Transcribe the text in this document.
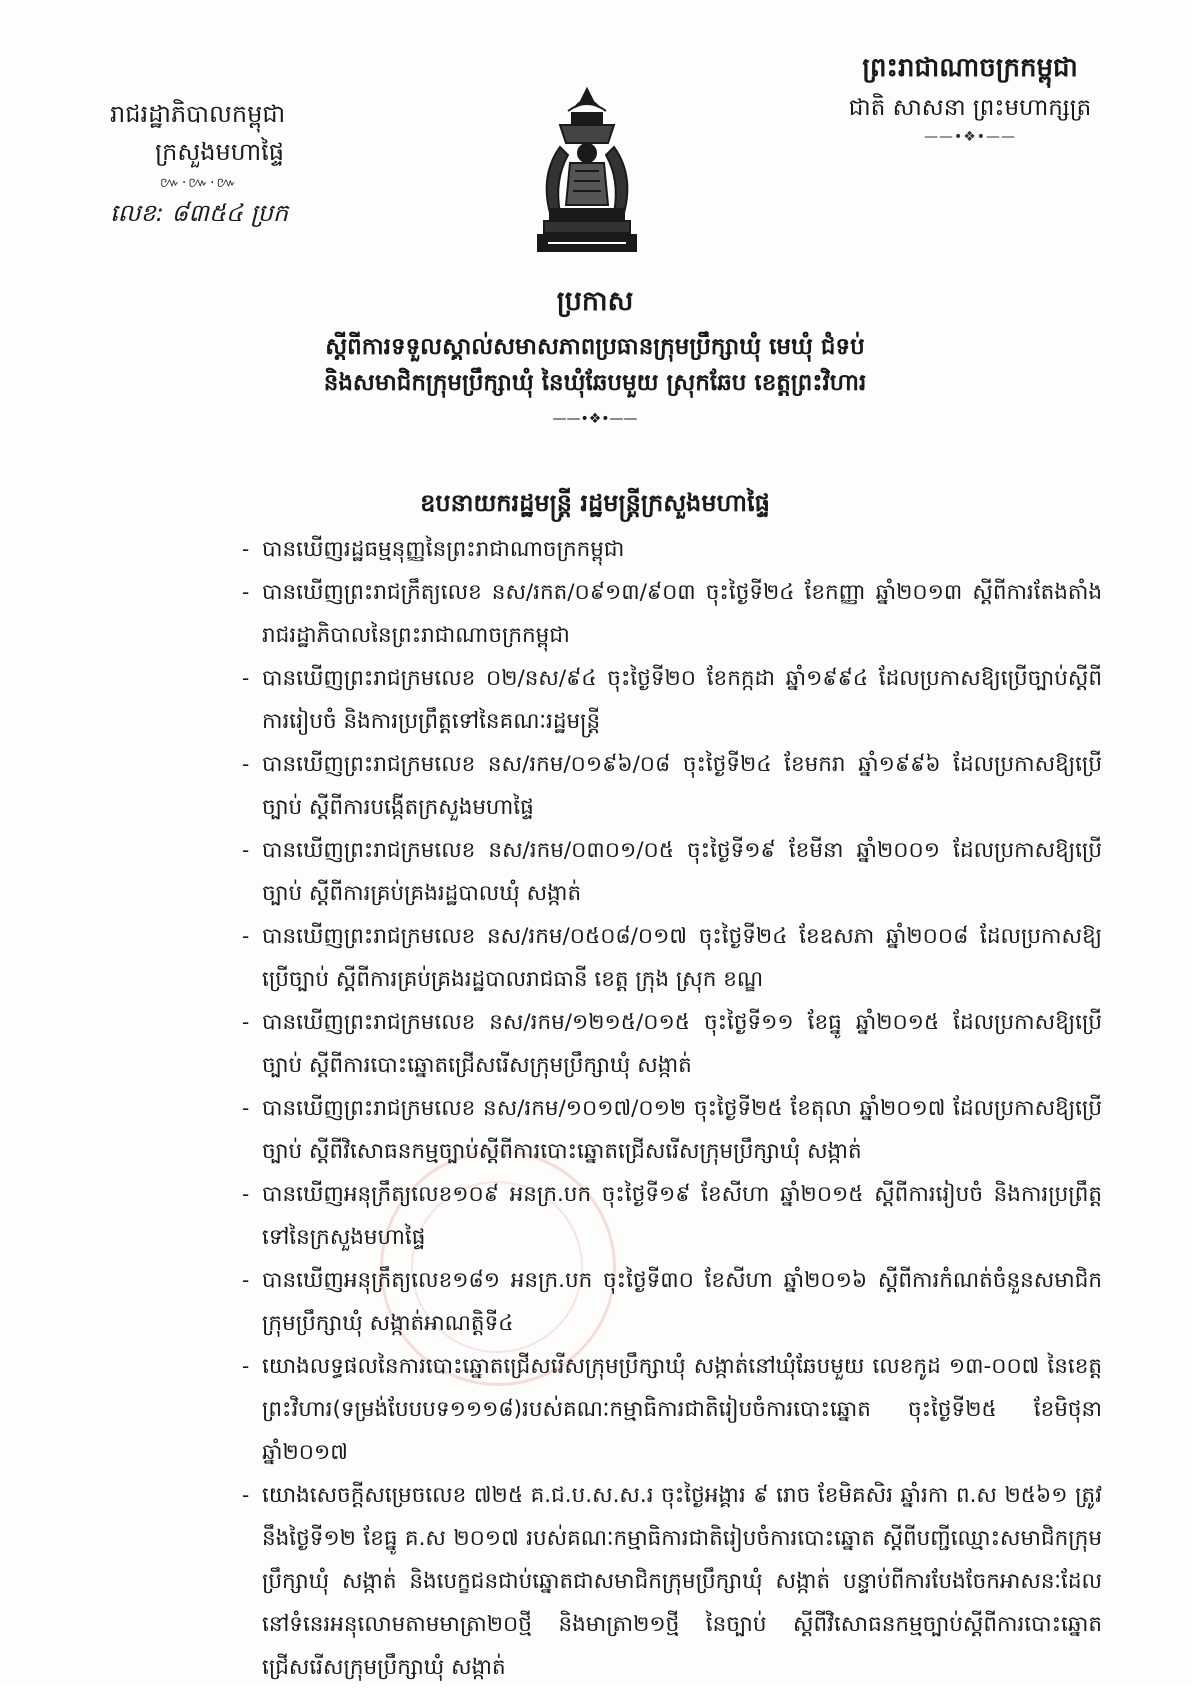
រាជរដ្ឋាភិបាលកម្ពុជា
ក្រសួងមហាផ្ទៃ
៚·៚·៚
លេខ: ៨៣៥៤ ប្រក
ព្រះរាជាណាចក្រកម្ពុជា
ជាតិ សាសនា ព្រះមហាក្សត្រ
——•❖•——
ប្រកាស
ស្តីពីការទទួលស្គាល់សមាសភាពប្រធានក្រុមប្រឹក្សាឃុំ មេឃុំ ជំទប់
និងសមាជិកក្រុមប្រឹក្សាឃុំ នៃឃុំឆែបមួយ ស្រុកឆែប ខេត្តព្រះវិហារ
——•❖•——
ឧបនាយករដ្ឋមន្ត្រី រដ្ឋមន្ត្រីក្រសួងមហាផ្ទៃ
- បានឃើញរដ្ឋធម្មនុញ្ញនៃព្រះរាជាណាចក្រកម្ពុជា
- បានឃើញព្រះរាជក្រឹត្យលេខ នស/រកត/០៩១៣/៩០៣ ចុះថ្ងៃទី២៤ ខែកញ្ញា ឆ្នាំ២០១៣ ស្តីពីការតែងតាំងរាជរដ្ឋាភិបាលនៃព្រះរាជាណាចក្រកម្ពុជា
- បានឃើញព្រះរាជក្រមលេខ ០២/នស/៩៤ ចុះថ្ងៃទី២០ ខែកក្កដា ឆ្នាំ១៩៩៤ ដែលប្រកាសឱ្យប្រើច្បាប់ស្តីពីការរៀបចំ និងការប្រព្រឹត្តទៅនៃគណៈរដ្ឋមន្ត្រី
- បានឃើញព្រះរាជក្រមលេខ នស/រកម/០១៩៦/០៨ ចុះថ្ងៃទី២៤ ខែមករា ឆ្នាំ១៩៩៦ ដែលប្រកាសឱ្យប្រើច្បាប់ ស្តីពីការបង្កើតក្រសួងមហាផ្ទៃ
- បានឃើញព្រះរាជក្រមលេខ នស/រកម/០៣០១/០៥ ចុះថ្ងៃទី១៩ ខែមីនា ឆ្នាំ២០០១ ដែលប្រកាសឱ្យប្រើច្បាប់ ស្តីពីការគ្រប់គ្រងរដ្ឋបាលឃុំ សង្កាត់
- បានឃើញព្រះរាជក្រមលេខ នស/រកម/០៥០៨/០១៧ ចុះថ្ងៃទី២៤ ខែឧសភា ឆ្នាំ២០០៨ ដែលប្រកាសឱ្យប្រើច្បាប់ ស្តីពីការគ្រប់គ្រងរដ្ឋបាលរាជធានី ខេត្ត ក្រុង ស្រុក ខណ្ឌ
- បានឃើញព្រះរាជក្រមលេខ នស/រកម/១២១៥/០១៥ ចុះថ្ងៃទី១១ ខែធ្នូ ឆ្នាំ២០១៥ ដែលប្រកាសឱ្យប្រើច្បាប់ ស្តីពីការបោះឆ្នោតជ្រើសរើសក្រុមប្រឹក្សាឃុំ សង្កាត់
- បានឃើញព្រះរាជក្រមលេខ នស/រកម/១០១៧/០១២ ចុះថ្ងៃទី២៥ ខែតុលា ឆ្នាំ២០១៧ ដែលប្រកាសឱ្យប្រើច្បាប់ ស្តីពីវិសោធនកម្មច្បាប់ស្តីពីការបោះឆ្នោតជ្រើសរើសក្រុមប្រឹក្សាឃុំ សង្កាត់
- បានឃើញអនុក្រឹត្យលេខ១០៩ អនក្រ.បក ចុះថ្ងៃទី១៩ ខែសីហា ឆ្នាំ២០១៥ ស្តីពីការរៀបចំ និងការប្រព្រឹត្តទៅនៃក្រសួងមហាផ្ទៃ
- បានឃើញអនុក្រឹត្យលេខ១៨១ អនក្រ.បក ចុះថ្ងៃទី៣០ ខែសីហា ឆ្នាំ២០១៦ ស្តីពីការកំណត់ចំនួនសមាជិកក្រុមប្រឹក្សាឃុំ សង្កាត់អាណត្តិទី៤
- យោងលទ្ធផលនៃការបោះឆ្នោតជ្រើសរើសក្រុមប្រឹក្សាឃុំ សង្កាត់នៅឃុំឆែបមួយ លេខកូដ ១៣-០០៧ នៃខេត្តព្រះវិហារ(ទម្រង់បែបបទ១១១៨)របស់គណៈកម្មាធិការជាតិរៀបចំការបោះឆ្នោត ចុះថ្ងៃទី២៥ ខែមិថុនា ឆ្នាំ២០១៧
- យោងសេចក្តីសម្រេចលេខ ៧២៥ គ.ជ.ប.ស.ស.រ ចុះថ្ងៃអង្គារ ៩ រោច ខែមិគសិរ ឆ្នាំរកា ព.ស ២៥៦១ ត្រូវនឹងថ្ងៃទី១២ ខែធ្នូ គ.ស ២០១៧ របស់គណៈកម្មាធិការជាតិរៀបចំការបោះឆ្នោត ស្តីពីបញ្ជីឈ្មោះសមាជិកក្រុមប្រឹក្សាឃុំ សង្កាត់ និងបេក្ខជនជាប់ឆ្នោតជាសមាជិកក្រុមប្រឹក្សាឃុំ សង្កាត់ បន្ទាប់ពីការបែងចែកអាសនៈដែលនៅទំនេរអនុលោមតាមមាត្រា២០ថ្មី និងមាត្រា២១ថ្មី នៃច្បាប់ ស្តីពីវិសោធនកម្មច្បាប់ស្តីពីការបោះឆ្នោតជ្រើសរើសក្រុមប្រឹក្សាឃុំ សង្កាត់
